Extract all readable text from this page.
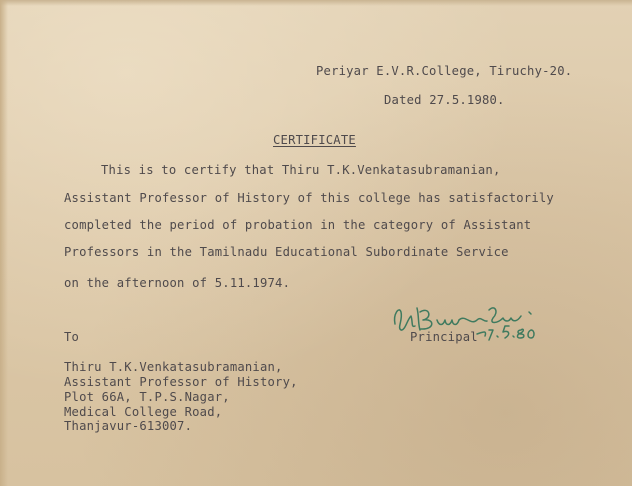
Periyar E.V.R.College, Tiruchy-20.
Dated 27.5.1980.
CERTIFICATE
This is to certify that Thiru T.K.Venkatasubramanian,
Assistant Professor of History of this college has satisfactorily
completed the period of probation in the category of Assistant
Professors in the Tamilnadu Educational Subordinate Service
on the afternoon of 5.11.1974.
To	Principal
Thiru T.K.Venkatasubramanian,
Assistant Professor of History,
Plot 66A, T.P.S.Nagar,
Medical College Road,
Thanjavur-613007.
